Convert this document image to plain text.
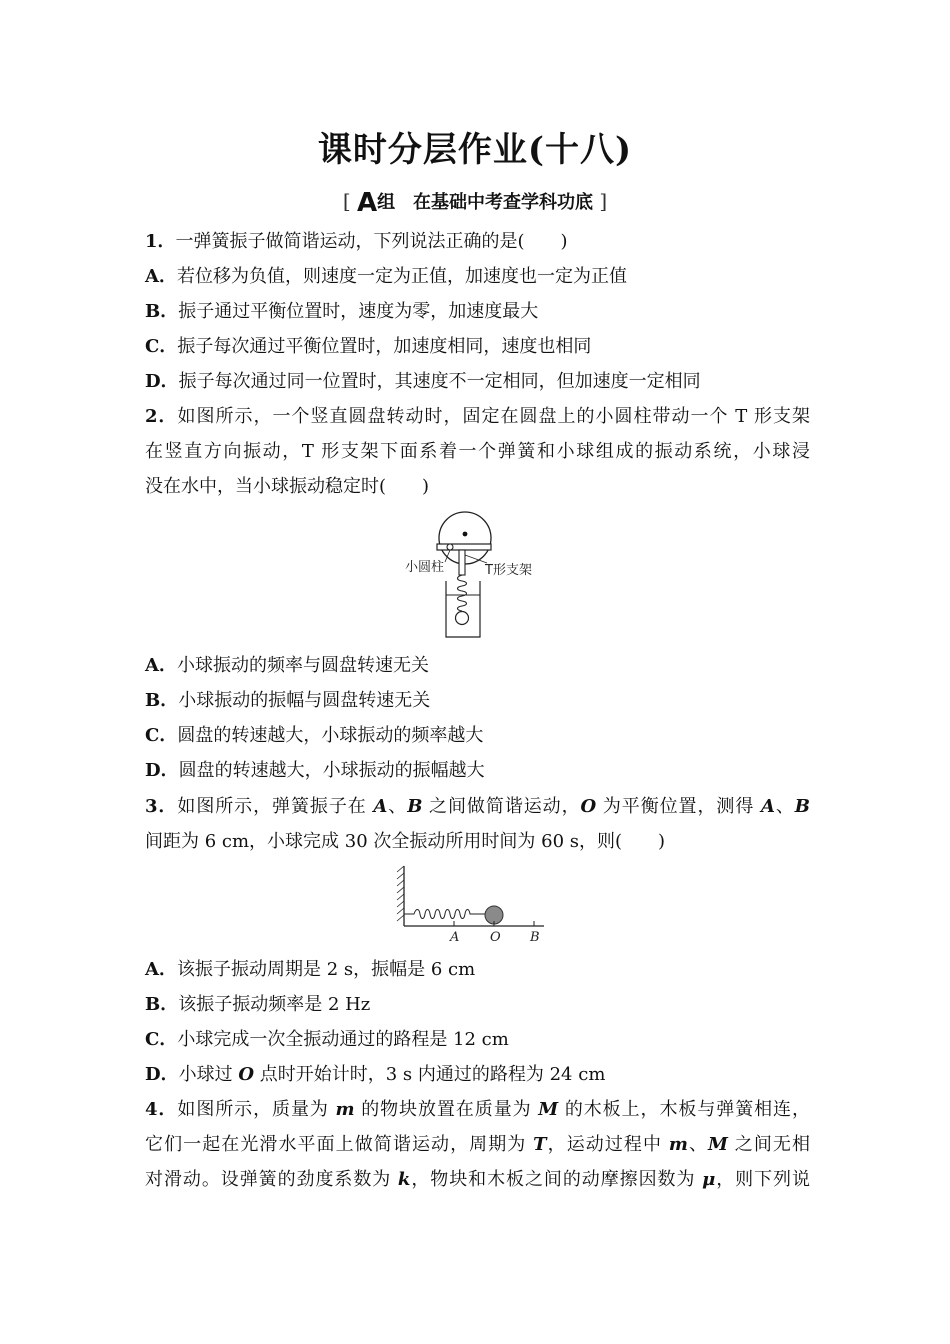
课时分层作业(十八)
[ A组　在基础中考查学科功底 ]
1．一弹簧振子做简谐运动，下列说法正确的是(　　)
A．若位移为负值，则速度一定为正值，加速度也一定为正值
B．振子通过平衡位置时，速度为零，加速度最大
C．振子每次通过平衡位置时，加速度相同，速度也相同
D．振子每次通过同一位置时，其速度不一定相同，但加速度一定相同
2．如图所示，一个竖直圆盘转动时，固定在圆盘上的小圆柱带动一个 T 形支架
在竖直方向振动，T 形支架下面系着一个弹簧和小球组成的振动系统，小球浸
没在水中，当小球振动稳定时(　　)
小圆柱	T形支架
A．小球振动的频率与圆盘转速无关
B．小球振动的振幅与圆盘转速无关
C．圆盘的转速越大，小球振动的频率越大
D．圆盘的转速越大，小球振动的振幅越大
3．如图所示，弹簧振子在 A、B 之间做简谐运动，O 为平衡位置，测得 A、B
间距为 6 cm，小球完成 30 次全振动所用时间为 60 s，则(　　)
A O B
A．该振子振动周期是 2 s，振幅是 6 cm
B．该振子振动频率是 2 Hz
C．小球完成一次全振动通过的路程是 12 cm
D．小球过 O 点时开始计时，3 s 内通过的路程为 24 cm
4．如图所示，质量为 m 的物块放置在质量为 M 的木板上，木板与弹簧相连，
它们一起在光滑水平面上做简谐运动，周期为 T，运动过程中 m、M 之间无相
对滑动。设弹簧的劲度系数为 k，物块和木板之间的动摩擦因数为 μ，则下列说
